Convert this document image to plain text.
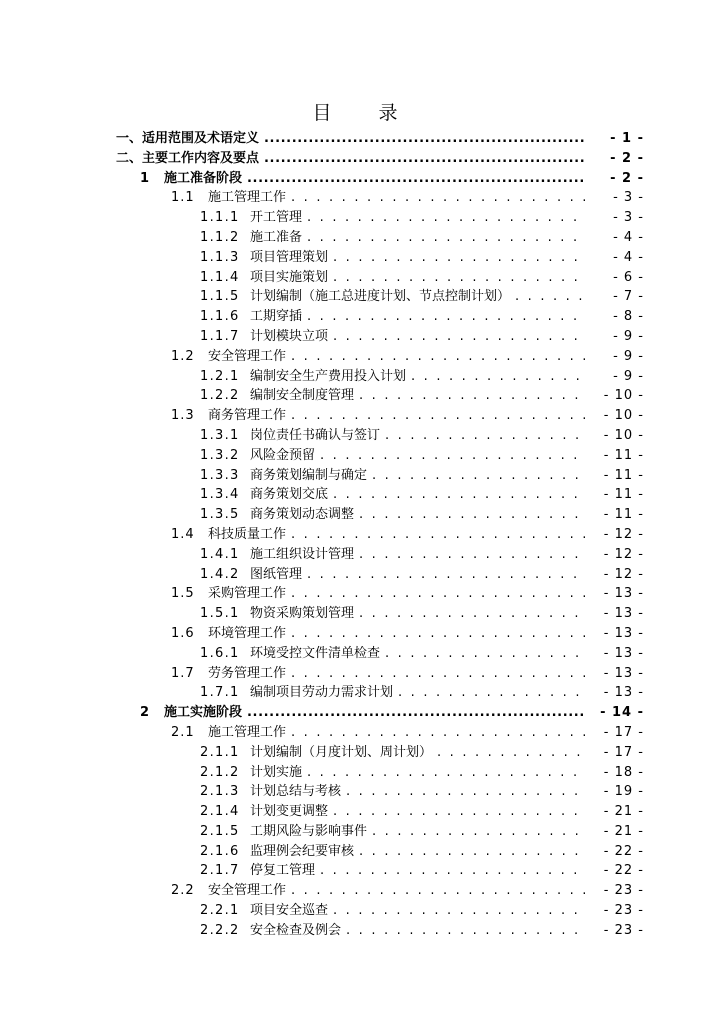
目　录
一、适用范围及术语定义 .....	- 1 -
二、主要工作内容及要点 .....	- 2 -
1	施工准备阶段 .....	- 2 -
1.1	施工管理工作 . . .	- 3 -
1.1.1 开工管理 . . .	- 3 -
1.1.2 施工准备 . . .	- 4 -
1.1.3 项目管理策划 . . .	- 4 -
1.1.4 项目实施策划 . . .	- 6 -
1.1.5 计划编制（施工总进度计划、节点控制计划） . . .	- 7 -
1.1.6 工期穿插 . . .	- 8 -
1.1.7 计划模块立项 . . .	- 9 -
1.2	安全管理工作 . . .	- 9 -
1.2.1 编制安全生产费用投入计划 . . .	- 9 -
1.2.2 编制安全制度管理 . . .	- 10 -
1.3	商务管理工作 . . .	- 10 -
1.3.1 岗位责任书确认与签订 . . .	- 10 -
1.3.2 风险金预留 . . .	- 11 -
1.3.3 商务策划编制与确定 . . .	- 11 -
1.3.4 商务策划交底 . . .	- 11 -
1.3.5 商务策划动态调整 . . .	- 11 -
1.4	科技质量工作 . . .	- 12 -
1.4.1 施工组织设计管理 . . .	- 12 -
1.4.2 图纸管理 . . .	- 12 -
1.5	采购管理工作 . . .	- 13 -
1.5.1 物资采购策划管理 . . .	- 13 -
1.6	环境管理工作 . . .	- 13 -
1.6.1 环境受控文件清单检查 . . .	- 13 -
1.7	劳务管理工作 . . .	- 13 -
1.7.1 编制项目劳动力需求计划 . . .	- 13 -
2	施工实施阶段 .....	- 14 -
2.1	施工管理工作 . . .	- 17 -
2.1.1 计划编制（月度计划、周计划） . . .	- 17 -
2.1.2 计划实施 . . .	- 18 -
2.1.3 计划总结与考核 . . .	- 19 -
2.1.4 计划变更调整 . . .	- 21 -
2.1.5 工期风险与影响事件 . . .	- 21 -
2.1.6 监理例会纪要审核 . . .	- 22 -
2.1.7 停复工管理 . . .	- 22 -
2.2	安全管理工作 . . .	- 23 -
2.2.1 项目安全巡查 . . .	- 23 -
2.2.2 安全检查及例会 . . .	- 23 -
